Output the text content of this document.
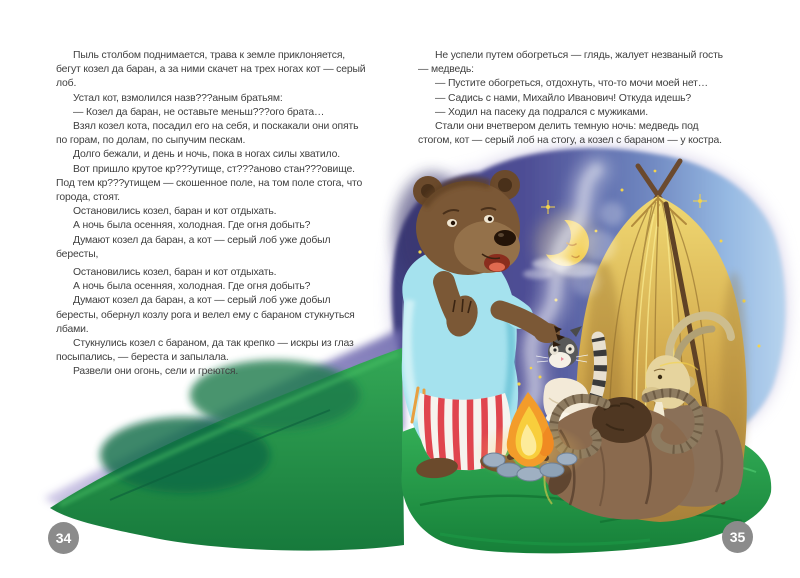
Пыль столбом поднимается, трава к земле приклоняется, бегут козел да баран, а за ними скачет на трех ногах кот — серый лоб.

Устал кот, взмолился назв???аным братьям:

— Козел да баран, не оставьте меньш???ого брата…

Взял козел кота, посадил его на себя, и поскакали они опять по горам, по долам, по сыпучим пескам.

Долго бежали, и день и ночь, пока в ногах силы хватило.

Вот пришло крутое кр???утище, ст???аново стан???овище. Под тем кр???утищем — скошенное поле, на том поле стога, что города, стоят.

Остановились козел, баран и кот отдыхать.

А ночь была осенняя, холодная. Где огня добыть?

Думают козел да баран, а кот — серый лоб уже добыл бересты,

Остановились козел, баран и кот отдыхать.

А ночь была осенняя, холодная. Где огня добыть?

Думают козел да баран, а кот — серый лоб уже добыл бересты, обернул козлу рога и велел ему с бараном стукнуться лбами.

Стукнулись козел с бараном, да так крепко — искры из глаз посыпались, — береста и запылала.

Развели они огонь, сели и греются.

Не успели путем обогреться — глядь, жалует незваный гость — медведь:

— Пустите обогреться, отдохнуть, что-то мочи моей нет…

— Садись с нами, Михайло Иванович! Откуда идешь?

— Ходил на пасеку да подрался с мужиками.

Стали они вчетвером делить темную ночь: медведь под стогом, кот — серый лоб на стогу, а козел с бараном — у костра.

34	35
